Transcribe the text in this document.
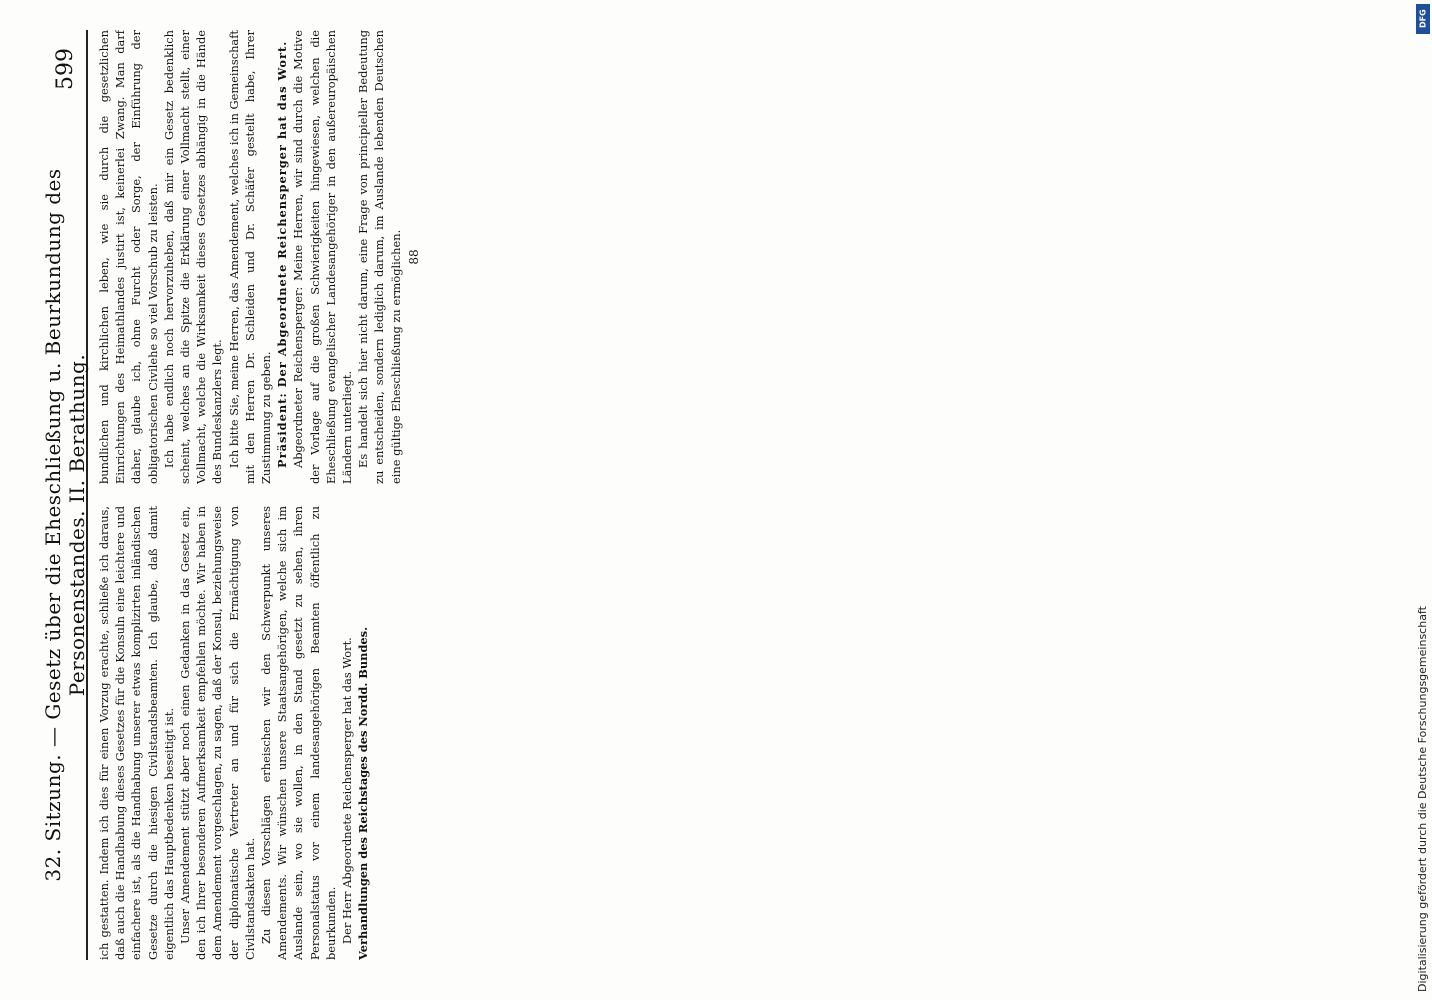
32. Sitzung. — Gesetz über die Eheschließung u. Beurkundung des Personenstandes. II. Berathung.
599

ich gestatten. Indem ich dies für einen Vorzug erachte, schließe ich daraus, daß auch die Handhabung dieses Gesetzes für die Konsuln eine leichtere und einfachere ist, als die Handhabung unserer etwas komplizirten inländischen Gesetze durch die hiesigen Civilstandsbeamten. Ich glaube, daß damit eigentlich das Hauptbedenken beseitigt ist. Unser Amendement stützt aber noch einen Gedanken in das Gesetz ein, den ich Ihrer besonderen Aufmerksamkeit empfehlen möchte. Wir haben in dem Amendement vorgeschlagen, zu sagen, daß der Konsul, beziehungsweise der diplomatische Vertreter an und für sich die Ermächtigung von Civilstandsakten hat. Zu diesen Vorschlägen erheischen wir den Schwerpunkt unseres Amendements. Wir wünschen unsere Staatsangehörigen, welche sich im Auslande sein, wo sie wollen, in den Stand gesetzt zu sehen, ihren Personalstatus vor einem landesangehörigen Beamten öffentlich zu beurkunden. Der Herr Abgeordnete Reichensperger hat das Wort. Verhandlungen des Reichstages des Nordd. Bundes.

bundlichen und kirchlichen leben, wie sie durch die gesetzlichen Einrichtungen des Heimathlandes justirt ist, keinerlei Zwang. Man darf daher, glaube ich, ohne Furcht oder Sorge, der Einführung der obligatorischen Civilehe so viel Vorschub zu leisten. Ich habe endlich noch hervorzuheben, daß mir ein Gesetz bedenklich scheint, welches an die Spitze die Erklärung einer Vollmacht stellt, einer Vollmacht, welche die Wirksamkeit dieses Gesetzes abhängig in die Hände des Bundeskanzlers legt. Ich bitte Sie, meine Herren, das Amendement, welches ich in Gemeinschaft mit den Herren Dr. Schleiden und Dr. Schäfer gestellt habe, Ihrer Zustimmung zu geben. Präsident: Der Abgeordnete Reichensperger hat das Wort. Abgeordneter Reichensperger: Meine Herren, wir sind durch die Motive der Vorlage auf die großen Schwierigkeiten hingewiesen, welchen die Eheschließung evangelischer Landesangehöriger in den außereuropäischen Ländern unterliegt. Es handelt sich hier nicht darum, eine Frage von principieller Bedeutung zu entscheiden, sondern lediglich darum, im Auslande lebenden Deutschen eine gültige Eheschließung zu ermöglichen. 88
Digitalisierung gefördert durch die Deutsche Forschungsgemeinschaft
DFG
